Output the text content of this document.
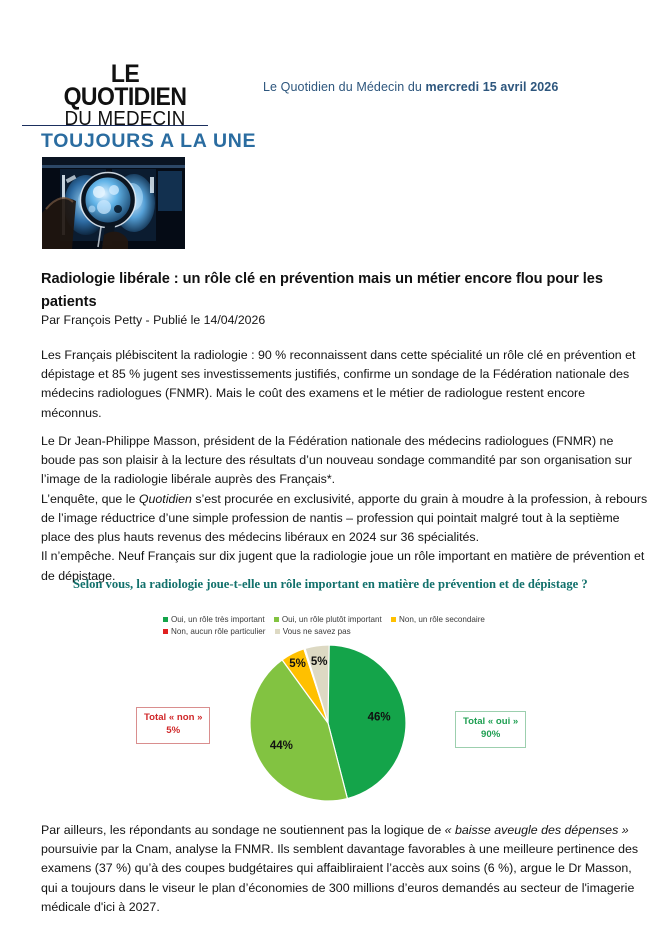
LE QUOTIDIEN
DU MEDECIN
Le Quotidien du Médecin du mercredi 15 avril 2026
TOUJOURS A LA UNE
Radiologie libérale : un rôle clé en prévention mais un métier encore flou pour les patients
Par François Petty - Publié le 14/04/2026
Les Français plébiscitent la radiologie : 90 % reconnaissent dans cette spécialité un rôle clé en prévention et dépistage et 85 % jugent ses investissements justifiés, confirme un sondage de la Fédération nationale des médecins radiologues (FNMR). Mais le coût des examens et le métier de radiologue restent encore méconnus.
Le Dr Jean-Philippe Masson, président de la Fédération nationale des médecins radiologues (FNMR) ne boude pas son plaisir à la lecture des résultats d’un nouveau sondage commandité par son organisation sur l’image de la radiologie libérale auprès des Français*.
L’enquête, que le Quotidien s’est procurée en exclusivité, apporte du grain à moudre à la profession, à rebours de l’image réductrice d’une simple profession de nantis – profession qui pointait malgré tout à la septième place des plus hauts revenus des médecins libéraux en 2024 sur 36 spécialités.
Il n’empêche. Neuf Français sur dix jugent que la radiologie joue un rôle important en matière de prévention et de dépistage.
Selon vous, la radiologie joue-t-elle un rôle important en matière de prévention et de dépistage ?
Oui, un rôle très important Oui, un rôle plutôt important Non, un rôle secondaire
Non, aucun rôle particulier Vous ne savez pas
46%
44%
5% 5%
Total « non »
5%
Total « oui »
90%
Par ailleurs, les répondants au sondage ne soutiennent pas la logique de « baisse aveugle des dépenses » poursuivie par la Cnam, analyse la FNMR. Ils semblent davantage favorables à une meilleure pertinence des examens (37 %) qu’à des coupes budgétaires qui affaibliraient l’accès aux soins (6 %), argue le Dr Masson, qui a toujours dans le viseur le plan d’économies de 300 millions d’euros demandés au secteur de l'imagerie médicale d'ici à 2027.
